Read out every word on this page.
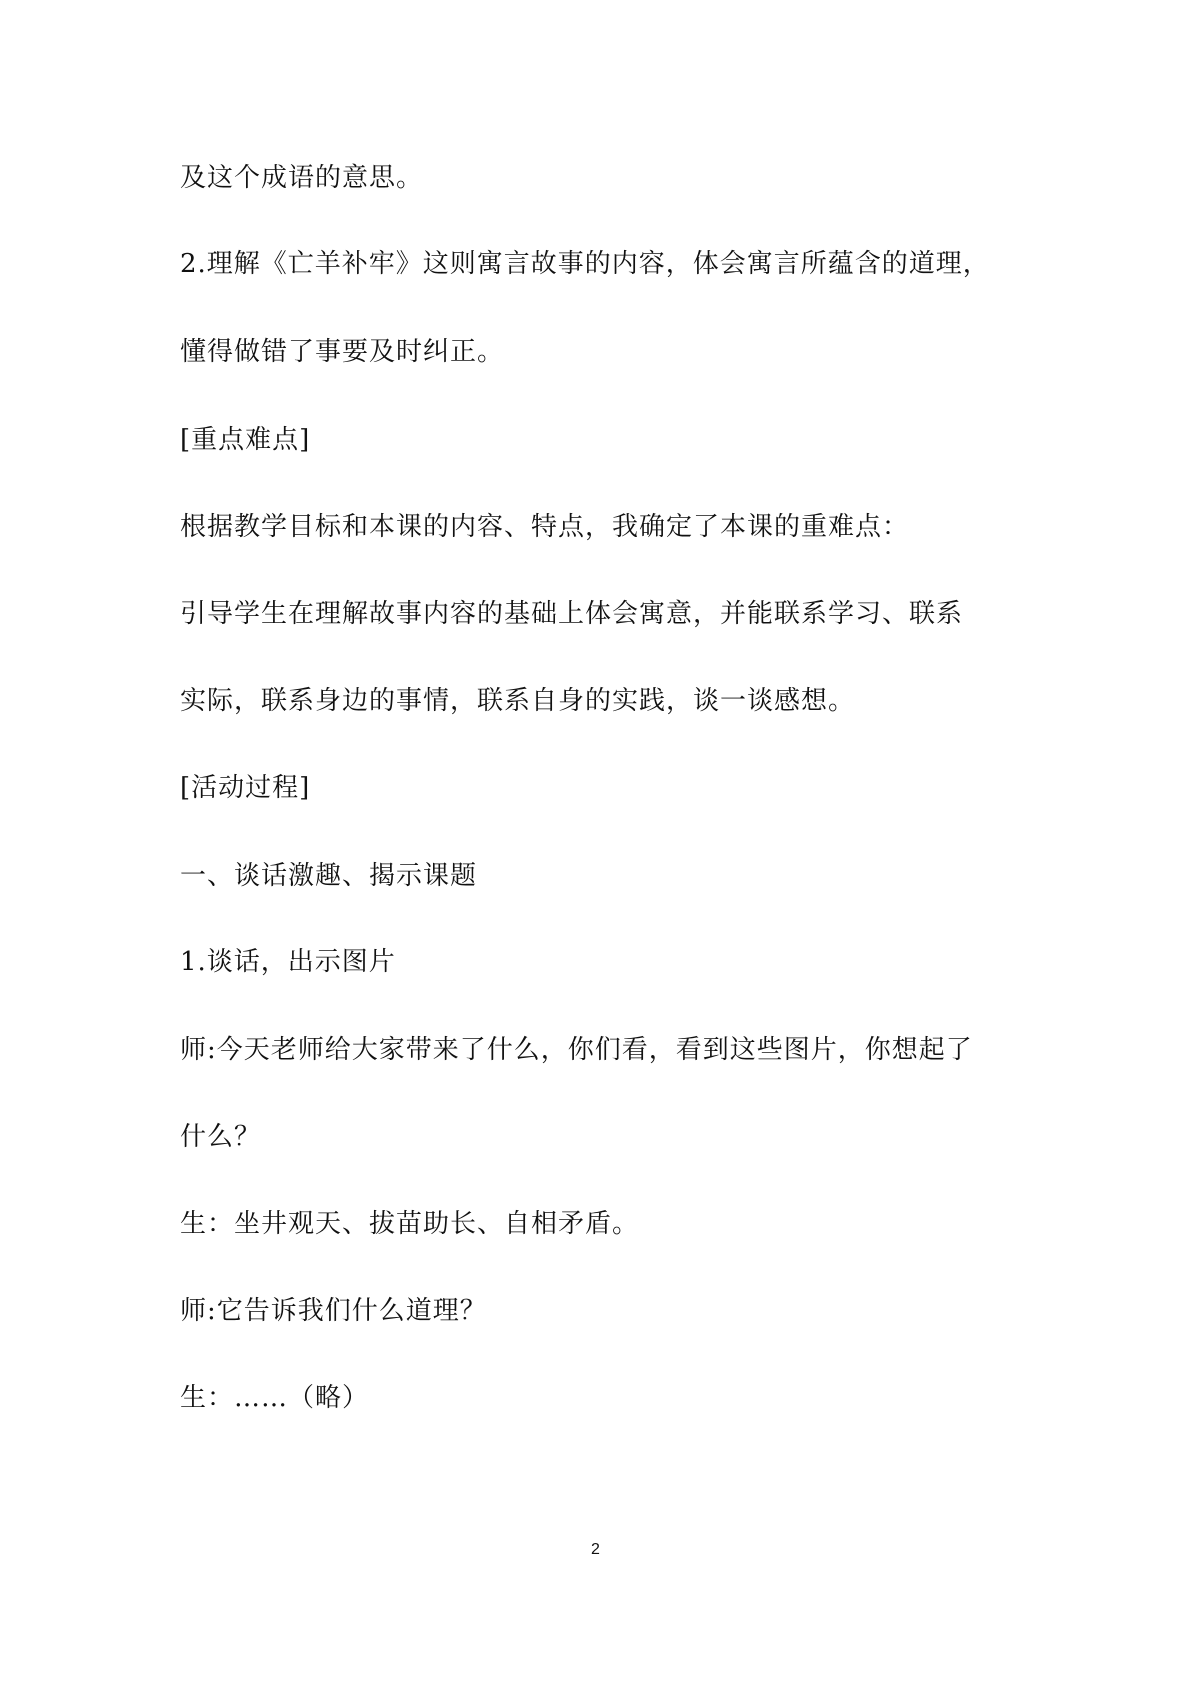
及这个成语的意思。
2.理解《亡羊补牢》这则寓言故事的内容，体会寓言所蕴含的道理，
懂得做错了事要及时纠正。
[重点难点]
根据教学目标和本课的内容、特点，我确定了本课的重难点：
引导学生在理解故事内容的基础上体会寓意，并能联系学习、联系
实际，联系身边的事情，联系自身的实践，谈一谈感想。
[活动过程]
一、谈话激趣、揭示课题
1.谈话，出示图片
师:今天老师给大家带来了什么，你们看，看到这些图片，你想起了
什么？
生：坐井观天、拔苗助长、自相矛盾。
师:它告诉我们什么道理？
生：……（略）
2
